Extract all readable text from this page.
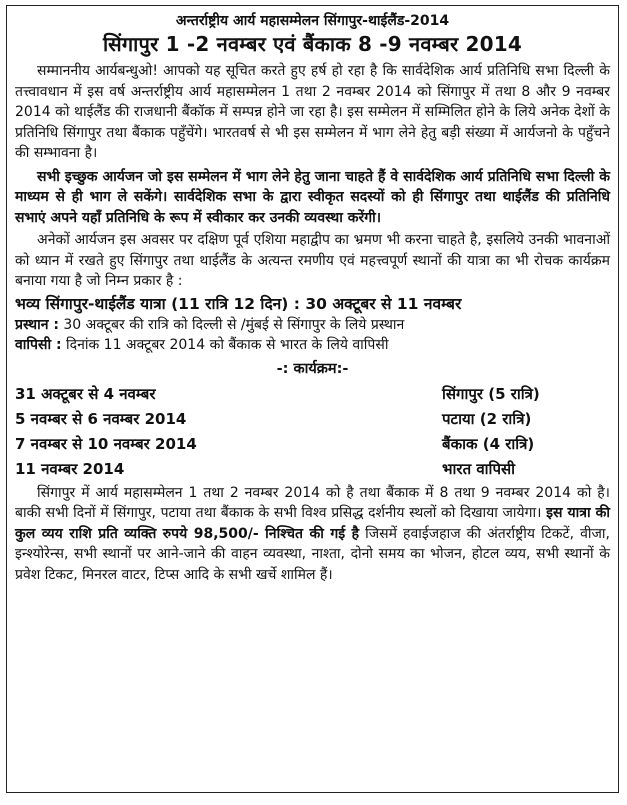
अन्तर्राष्ट्रीय आर्य महासम्मेलन सिंगापुर-थाईलैंड-2014
सिंगापुर 1 -2 नवम्बर एवं बैंकाक 8 -9 नवम्बर 2014

सम्माननीय आर्यबन्धुओ! आपको यह सूचित करते हुए हर्ष हो रहा है कि सार्वदेशिक आर्य प्रतिनिधि सभा दिल्ली के तत्त्वावधान में इस वर्ष अन्तर्राष्ट्रीय आर्य महासम्मेलन 1 तथा 2 नवम्बर 2014 को सिंगापुर में तथा 8 और 9 नवम्बर 2014 को थाईलैंड की राजधानी बैंकॉक में सम्पन्न होने जा रहा है। इस सम्मेलन में सम्मिलित होने के लिये अनेक देशों के प्रतिनिधि सिंगापुर तथा बैंकाक पहुँचेंगे। भारतवर्ष से भी इस सम्मेलन में भाग लेने हेतु बड़ी संख्या में आर्यजनो के पहुँचने की सम्भावना है।

सभी इच्छुक आर्यजन जो इस सम्मेलन में भाग लेने हेतु जाना चाहते हैं वे सार्वदेशिक आर्य प्रतिनिधि सभा दिल्ली के माध्यम से ही भाग ले सकेंगे। सार्वदेशिक सभा के द्वारा स्वीकृत सदस्यों को ही सिंगापुर तथा थाईलैंड की प्रतिनिधि सभाएं अपने यहाँ प्रतिनिधि के रूप में स्वीकार कर उनकी व्यवस्था करेंगी।

अनेकों आर्यजन इस अवसर पर दक्षिण पूर्व एशिया महाद्वीप का भ्रमण भी करना चाहते है, इसलिये उनकी भावनाओं को ध्यान में रखते हुए सिंगापुर तथा थाईलैंड के अत्यन्त रमणीय एवं महत्त्वपूर्ण स्थानों की यात्रा का भी रोचक कार्यक्रम बनाया गया है जो निम्न प्रकार है :

भव्य सिंगापुर-थाईलैंड यात्रा (11 रात्रि 12 दिन) : 30 अक्टूबर से 11 नवम्बर
प्रस्थान : 30 अक्टूबर की रात्रि को दिल्ली से /मुंबई से सिंगापुर के लिये प्रस्थान
वापिसी : दिनांक 11 अक्टूबर 2014 को बैंकाक से भारत के लिये वापिसी
-: कार्यक्रम:-
31 अक्टूबर से 4 नवम्बर	सिंगापुर (5 रात्रि)
5 नवम्बर से 6 नवम्बर 2014	पटाया (2 रात्रि)
7 नवम्बर से 10 नवम्बर 2014	बैंकाक (4 रात्रि)
11 नवम्बर 2014	भारत वापिसी

सिंगापुर में आर्य महासम्मेलन 1 तथा 2 नवम्बर 2014 को है तथा बैंकाक में 8 तथा 9 नवम्बर 2014 को है। बाकी सभी दिनों में सिंगापुर, पटाया तथा बैंकाक के सभी विश्व प्रसिद्ध दर्शनीय स्थलों को दिखाया जायेगा। इस यात्रा की कुल व्यय राशि प्रति व्यक्ति रुपये 98,500/- निश्चित की गई है जिसमें हवाईजहाज की अंतर्राष्ट्रीय टिकटें, वीजा, इन्श्योरेन्स, सभी स्थानों पर आने-जाने की वाहन व्यवस्था, नाश्ता, दोनो समय का भोजन, होटल व्यय, सभी स्थानों के प्रवेश टिकट, मिनरल वाटर, टिप्स आदि के सभी खर्चे शामिल हैं।
